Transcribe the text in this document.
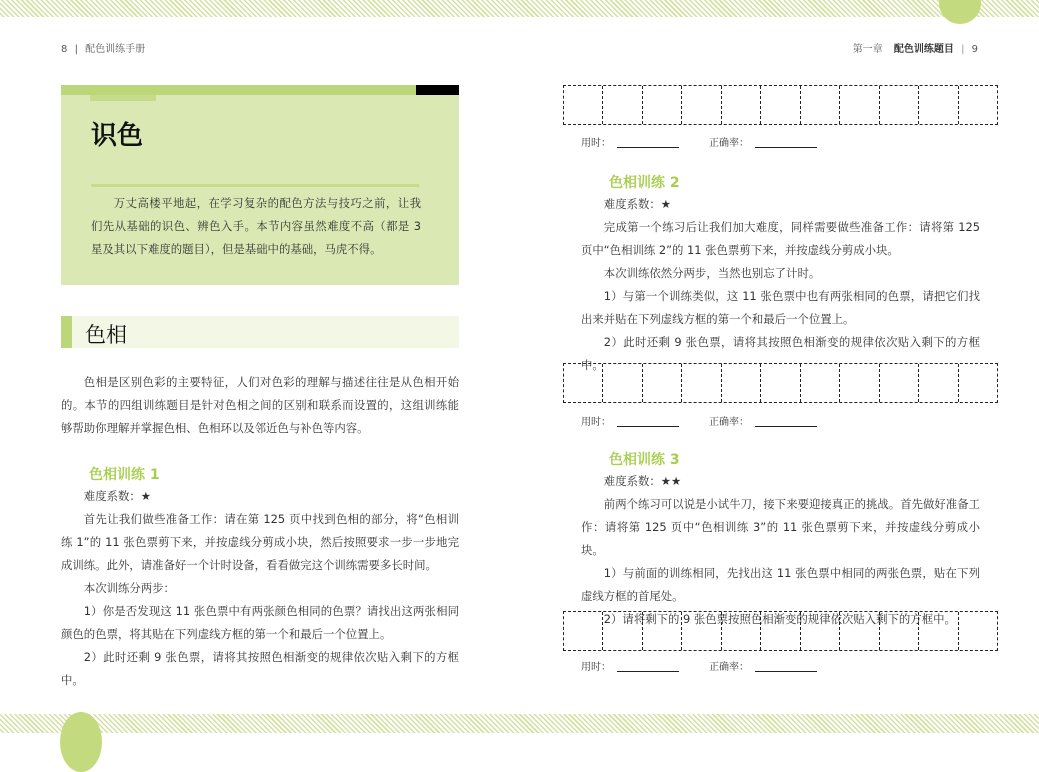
8 | 配色训练手册
识色
万丈高楼平地起，在学习复杂的配色方法与技巧之前，让我们先从基础的识色、辨色入手。本节内容虽然难度不高（都是 3 星及其以下难度的题目），但是基础中的基础，马虎不得。
色相
色相是区别色彩的主要特征，人们对色彩的理解与描述往往是从色相开始的。本节的四组训练题目是针对色相之间的区别和联系而设置的，这组训练能够帮助你理解并掌握色相、色相环以及邻近色与补色等内容。
色相训练 1
难度系数：★
首先让我们做些准备工作：请在第 125 页中找到色相的部分，将“色相训练 1”的 11 张色票剪下来，并按虚线分剪成小块，然后按照要求一步一步地完成训练。此外，请准备好一个计时设备，看看做完这个训练需要多长时间。
本次训练分两步：
1）你是否发现这 11 张色票中有两张颜色相同的色票？请找出这两张相同颜色的色票，将其贴在下列虚线方框的第一个和最后一个位置上。
2）此时还剩 9 张色票，请将其按照色相渐变的规律依次贴入剩下的方框中。
第一章 配色训练题目 | 9
用时：	正确率：
色相训练 2
难度系数：★
完成第一个练习后让我们加大难度，同样需要做些准备工作：请将第 125 页中“色相训练 2”的 11 张色票剪下来，并按虚线分剪成小块。
本次训练依然分两步，当然也别忘了计时。
1）与第一个训练类似，这 11 张色票中也有两张相同的色票，请把它们找出来并贴在下列虚线方框的第一个和最后一个位置上。
2）此时还剩 9 张色票，请将其按照色相渐变的规律依次贴入剩下的方框中。
用时：	正确率：
色相训练 3
难度系数：★★
前两个练习可以说是小试牛刀，接下来要迎接真正的挑战。首先做好准备工作：请将第 125 页中“色相训练 3”的 11 张色票剪下来，并按虚线分剪成小块。
1）与前面的训练相同，先找出这 11 张色票中相同的两张色票，贴在下列虚线方框的首尾处。
2）请将剩下的 9 张色票按照色相渐变的规律依次贴入剩下的方框中。
用时：	正确率：
